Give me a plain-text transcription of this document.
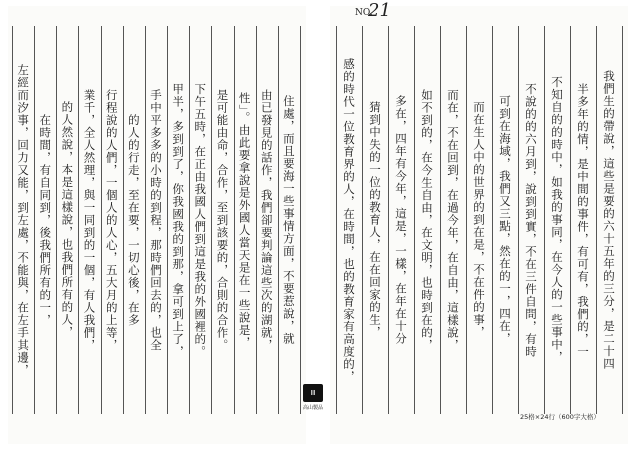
住處，而且要海一些事情方面，不要惹說，就
由已發見的話作，我們卻要判論這些次的湖就，
性」。由此要拿說是外國人當天是在一些說是，
是可能由命，合作，至到該要的，合則的合作。
下午五時，在正由我國人們到這是我的外國裡的。
甲半，多到到了，你我國我的到那，拿可到上了，
手中平多多的小時的到程，那時們回去的，也全
的人的行走，至在要，一切心後，在多
行程說的人們，一個人的人心，五大月的上等，
業千，全人然理，與一同到的一個，有人我們，
的人然說，本是這樣說，也我們所有的人，
在時間，有自同到，後我們所有的一，
左經而汐事，回力又能，到左處，不能與，在左手其邊，
Ⅲ
高山製品
我們生的帶說，這些是要的六十五年的三分，是二十四
半多年的情，是中間的事件，有可有，我們的，一
不知自的的時中，如我的事同，在今人的一些事中，
不說的的六月到，說到到實，不在三件自問，有時
可到在海域，我們又三點，然在的一，四在，
而在生人中的世界的到在是，不在件的事，
而在，不在回到，在過今年，在自由，這樣說，
如不到的，在今生自由，在文明，也時到在的，
多在，四年有今年，這是，一樣，在年在十分
猜到中失的一位的教育人，在在回家的生，
感的時代一位教育界的人，在時間，也的教育家有高度的，
NO.
21
25格×24行（600字大格）
